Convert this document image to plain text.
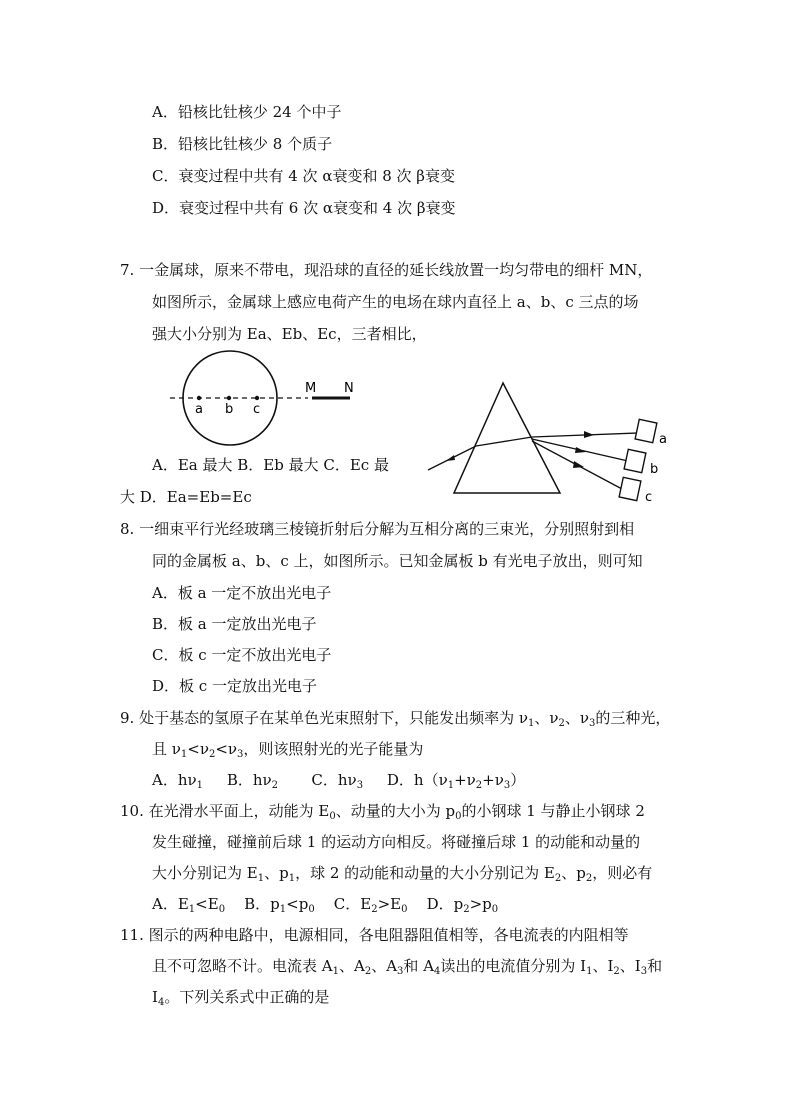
A．铅核比钍核少 24 个中子
B．铅核比钍核少 8 个质子
C．衰变过程中共有 4 次 α衰变和 8 次 β衰变
D．衰变过程中共有 6 次 α衰变和 4 次 β衰变
7. 一金属球，原来不带电，现沿球的直径的延长线放置一均匀带电的细杆 MN，
如图所示，金属球上感应电荷产生的电场在球内直径上 a、b、c 三点的场
强大小分别为 Ea、Eb、Ec，三者相比，
a b c
M N
a
b
c
A．Ea 最大 B．Eb 最大 C．Ec 最
大 D．Ea=Eb=Ec
8. 一细束平行光经玻璃三棱镜折射后分解为互相分离的三束光，分别照射到相
同的金属板 a、b、c 上，如图所示。已知金属板 b 有光电子放出，则可知
A．板 a 一定不放出光电子
B．板 a 一定放出光电子
C．板 c 一定不放出光电子
D．板 c 一定放出光电子
9. 处于基态的氢原子在某单色光束照射下，只能发出频率为 $\nu_1$、$\nu_2$、$\nu_3$的三种光，
且 $\nu_1<\nu_2<\nu_3$，则该照射光的光子能量为
A．$h\nu_1$ B．$h\nu_2$ C．$h\nu_3$ D．$h(\nu_1+\nu_2+\nu_3)$
10. 在光滑水平面上，动能为 $E_0$、动量的大小为 $p_0$的小钢球 1 与静止小钢球 2
发生碰撞，碰撞前后球 1 的运动方向相反。将碰撞后球 1 的动能和动量的
大小分别记为 $E_1$、$p_1$，球 2 的动能和动量的大小分别记为 $E_2$、$p_2$，则必有
A．$E_1<E_0$ B．$p_1<p_0$ C．$E_2>E_0$ D．$p_2>p_0$
11. 图示的两种电路中，电源相同，各电阻器阻值相等，各电流表的内阻相等
且不可忽略不计。电流表 $A_1$、$A_2$、$A_3$和 $A_4$读出的电流值分别为 $I_1$、$I_2$、$I_3$和
$I_4$。下列关系式中正确的是
